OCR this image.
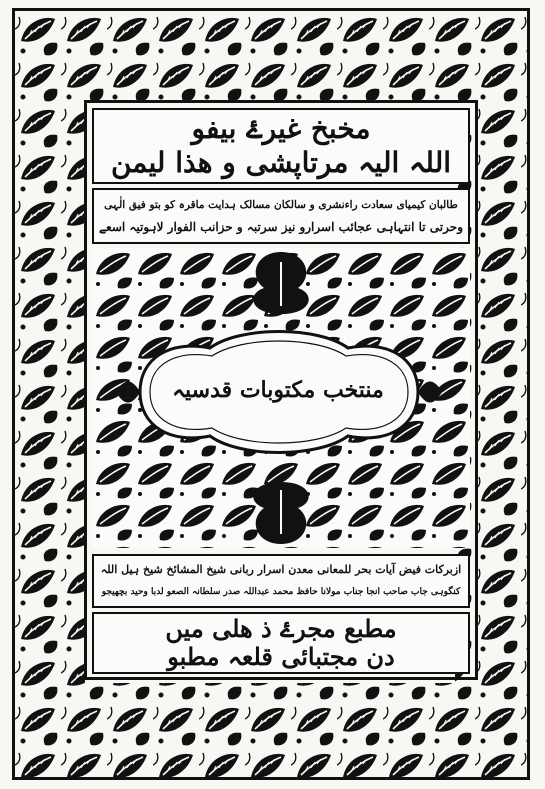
مخبخ غیرۓ بیفو
اللہ الیہ مرتاپشی و ھذا لیمن
طالبان کیمیای سعادت راءنشری و سالکان مسالک ہدایت ماقرہ کو بتو فیق الٰہی
وحرتی تا انتہاہی عجائب اسرارو نیز سرتبہ و حزانب الفوار لاہوتیہ اسعے
منتخب مکتوبات قدسیہ
ازبرکات فیض آیات بحر للمعانی معدن اسرار ربانی شیخ المشائخ شیخ ہیل اللہ
کنگوہی جاب صاحب انجا جناب مولانا حافظ محمد عبداللہ صدر سلطانہ الصعو لدبا وحید بچھیجو
مطبع مجرۓ ذ ھلی میں
دن مجتبائی قلعہ مطبو
